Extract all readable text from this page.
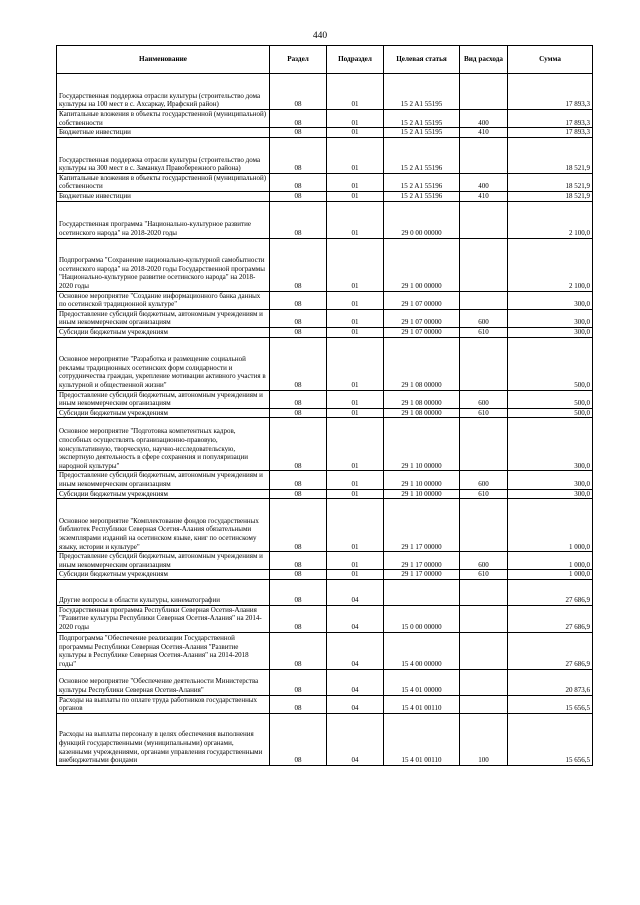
440
Наименование	Раздел	Подраздел	Целевая статья	Вид расхода	Сумма
Государственная поддержка отрасли культуры (строительство дома культуры на 100 мест в с. Ахсаркау, Ирафский район)	08	01	15 2 A1 55195		17 893,3
Капитальные вложения в объекты государственной (муниципальной) собственности	08	01	15 2 A1 55195	400	17 893,3
Бюджетные инвестиции	08	01	15 2 A1 55195	410	17 893,3
Государственная поддержка отрасли культуры (строительство дома культуры на 300 мест в с. Заманкул Правобережного района)	08	01	15 2 A1 55196		18 521,9
Капитальные вложения в объекты государственной (муниципальной) собственности	08	01	15 2 A1 55196	400	18 521,9
Бюджетные инвестиции	08	01	15 2 A1 55196	410	18 521,9
Государственная программа "Национально-культурное развитие осетинского народа" на 2018-2020 годы	08	01	29 0 00 00000		2 100,0
Подпрограмма "Сохранение национально-культурной самобытности осетинского народа" на 2018-2020 годы Государственной программы "Национально-культурное развитие осетинского народа" на 2018-2020 годы	08	01	29 1 00 00000		2 100,0
Основное мероприятие "Создание информационного банка данных по осетинской традиционной культуре"	08	01	29 1 07 00000		300,0
Предоставление субсидий бюджетным, автономным учреждениям и иным некоммерческим организациям	08	01	29 1 07 00000	600	300,0
Субсидии бюджетным учреждениям	08	01	29 1 07 00000	610	300,0
Основное мероприятие "Разработка и размещение социальной рекламы традиционных осетинских форм солидарности и сотрудничества граждан, укрепление мотивации активного участия в культурной и общественной жизни"	08	01	29 1 08 00000		500,0
Предоставление субсидий бюджетным, автономным учреждениям и иным некоммерческим организациям	08	01	29 1 08 00000	600	500,0
Субсидии бюджетным учреждениям	08	01	29 1 08 00000	610	500,0
Основное мероприятие "Подготовка компетентных кадров, способных осуществлять организационно-правовую, консультативную, творческую, научно-исследовательскую, экспертную деятельность в сфере сохранения и популяризации народной культуры"	08	01	29 1 10 00000		300,0
Предоставление субсидий бюджетным, автономным учреждениям и иным некоммерческим организациям	08	01	29 1 10 00000	600	300,0
Субсидии бюджетным учреждениям	08	01	29 1 10 00000	610	300,0
Основное мероприятие "Комплектование фондов государственных библиотек Республики Северная Осетия-Алания обязательными экземплярами изданий на осетинском языке, книг по осетинскому языку, истории и культуре"	08	01	29 1 17 00000		1 000,0
Предоставление субсидий бюджетным, автономным учреждениям и иным некоммерческим организациям	08	01	29 1 17 00000	600	1 000,0
Субсидии бюджетным учреждениям	08	01	29 1 17 00000	610	1 000,0
Другие вопросы в области культуры, кинематографии	08	04			27 686,9
Государственная программа Республики Северная Осетия-Алания "Развитие культуры Республики Северная Осетия-Алания" на 2014-2020 годы	08	04	15 0 00 00000		27 686,9
Подпрограмма "Обеспечение реализации Государственной программы Республики Северная Осетия-Алания "Развитие культуры в Республике Северная Осетия-Алания" на 2014-2018 годы"	08	04	15 4 00 00000		27 686,9
Основное мероприятие "Обеспечение деятельности Министерства культуры Республики Северная Осетия-Алания"	08	04	15 4 01 00000		20 873,6
Расходы на выплаты по оплате труда работников государственных органов	08	04	15 4 01 00110		15 656,5
Расходы на выплаты персоналу в целях обеспечения выполнения функций государственными (муниципальными) органами, казенными учреждениями, органами управления государственными внебюджетными фондами	08	04	15 4 01 00110	100	15 656,5
